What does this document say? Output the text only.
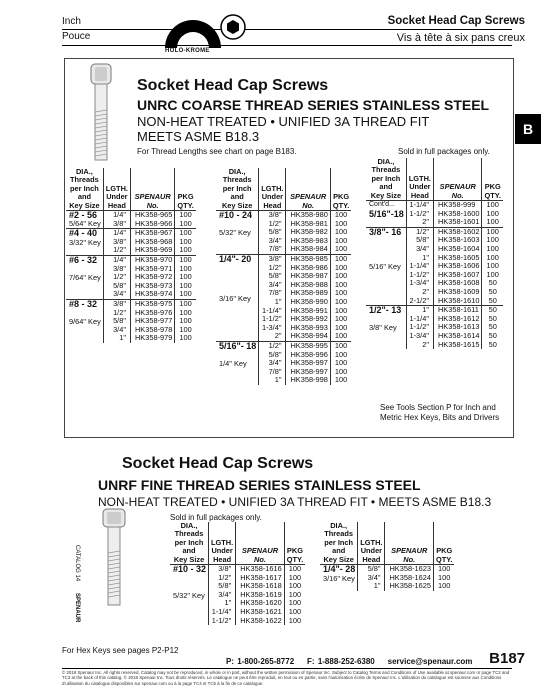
Inch
Pouce
HOLO-KROME
Socket Head Cap Screws
Vis à tête à six pans creux
B
Socket Head Cap Screws
UNRC COARSE THREAD SERIES STAINLESS STEEL
NON-HEAT TREATED • UNIFIED 3A THREAD FIT
MEETS ASME B18.3
For Thread Lengths see chart on page B183.	Sold in full packages only.
DIA.,
Threads
per Inch
and
Key Size	LGTH.
Under
Head	SPENAUR
No.	PKG
QTY.

#2 - 56
5/64" Key	1/4"	HK358-965	100
	3/8"	HK358-966	100

#4 - 40
3/32" Key	1/4"	HK358-967	100
	3/8"	HK358-968	100
	1/2"	HK358-969	100

#6 - 32
7/64" Key	1/4"	HK358-970	100
	3/8"	HK358-971	100
	1/2"	HK358-972	100
	5/8"	HK358-973	100
	3/4"	HK358-974	100

#8 - 32
9/64" Key	3/8"	HK358-975	100
	1/2"	HK358-976	100
	5/8"	HK358-977	100
	3/4"	HK358-978	100
	1"	HK358-979	100
DIA.,
Threads
per Inch
and
Key Size	LGTH.
Under
Head	SPENAUR
No.	PKG
QTY.

#10 - 24
5/32" Key	3/8"	HK358-980	100
	1/2"	HK358-981	100
	5/8"	HK358-982	100
	3/4"	HK358-983	100
	7/8"	HK358-984	100

1/4"- 20
3/16" Key	3/8"	HK358-985	100
	1/2"	HK358-986	100
	5/8"	HK358-987	100
	3/4"	HK358-988	100
	7/8"	HK358-989	100
	1"	HK358-990	100
	1-1/4"	HK358-991	100
	1-1/2"	HK358-992	100
	1-3/4"	HK358-993	100
	2"	HK358-994	100

5/16"- 18
1/4" Key	1/2"	HK358-995	100
	5/8"	HK358-996	100
	3/4"	HK358-997	100
	7/8"	HK358-997	100
	1"	HK358-998	100
DIA.,
Threads
per Inch
and
Key Size	LGTH.
Under
Head	SPENAUR
No.	PKG
QTY.

Cont'd...
5/16"-18	1-1/4"	HK358-999	100
	1-1/2"	HK358-1600	100
	2"	HK358-1601	100

3/8"- 16
5/16" Key	1/2"	HK358-1602	100
	5/8"	HK358-1603	100
	3/4"	HK358-1604	100
	1"	HK358-1605	100
	1-1/4"	HK358-1606	100
	1-1/2"	HK358-1607	100
	1-3/4"	HK358-1608	50
	2"	HK358-1609	50
	2-1/2"	HK358-1610	50

1/2"- 13
3/8" Key	1"	HK358-1611	50
	1-1/4"	HK358-1612	50
	1-1/2"	HK358-1613	50
	1-3/4"	HK358-1614	50
	2"	HK358-1615	50
See Tools Section P for Inch and Metric Hex Keys, Bits and Drivers
Socket Head Cap Screws
UNRF FINE THREAD SERIES STAINLESS STEEL
NON-HEAT TREATED • UNIFIED 3A THREAD FIT • MEETS ASME B18.3
Sold in full packages only.
DIA.,
Threads
per Inch
and
Key Size	LGTH.
Under
Head	SPENAUR
No.	PKG
QTY.

#10 - 32
5/32" Key	3/8"	HK358-1616	100
	1/2"	HK358-1617	100
	5/8"	HK358-1618	100
	3/4"	HK358-1619	100
	1"	HK358-1620	100
	1-1/4"	HK358-1621	100
	1-1/2"	HK358-1622	100
DIA.,
Threads
per Inch
and
Key Size	LGTH.
Under
Head	SPENAUR
No.	PKG
QTY.

1/4"- 28
3/16" Key	5/8"	HK358-1623	100
	3/4"	HK358-1624	100
	1"	HK358-1625	100
CATALOG 14
SPENAUR
For Hex Keys see pages P2-P12
P: 1-800-265-8772 F: 1-888-252-6380 service@spenaur.com B187
© 2018 Spenaur Inc. All rights reserved. Catalog may not be reproduced, in whole or in part, without the written permission of Spenaur Inc. Subject to Catalog Terms and Conditions of Use available at spenaur.com or page TC2 and TC3 at the back of this catalog. © 2018 Spenaur Inc. Tous droits réservés. Le catalogue ne peut être reproduit, en tout ou en partie, sans l'autorisation écrite de Spenaur Inc. L'utilisation du catalogue est soumise aux Conditions d'utilisation du catalogue disponibles sur spenaur.com ou à la page TC4 et TC5 à la fin de ce catalogue.
